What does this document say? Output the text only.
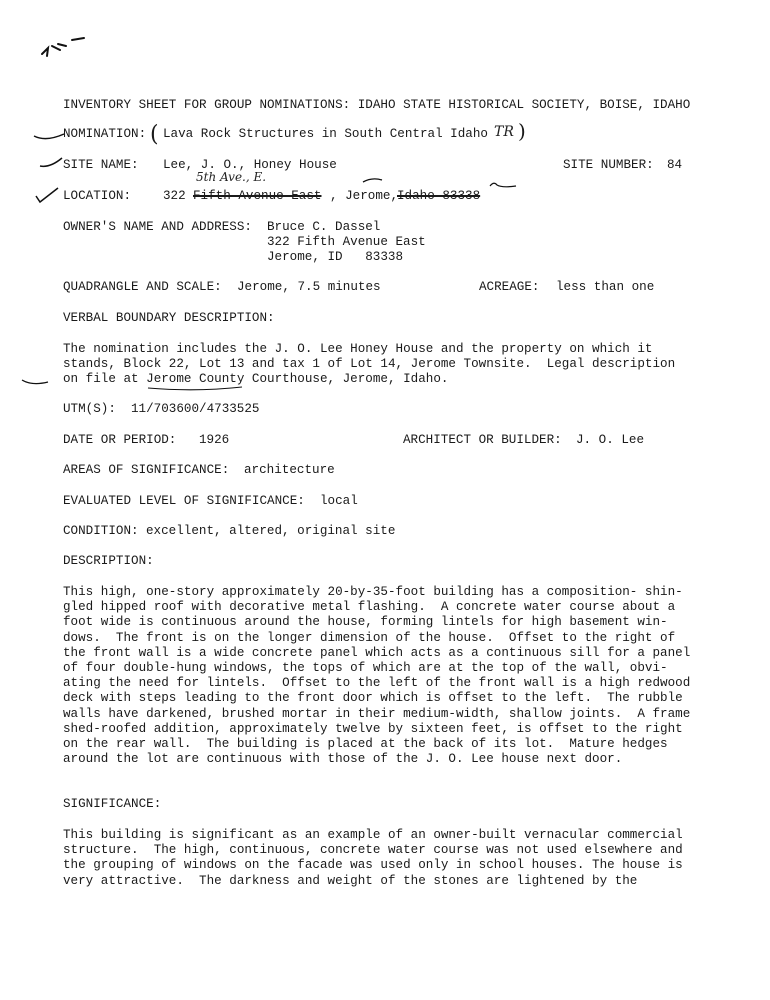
INVENTORY SHEET FOR GROUP NOMINATIONS: IDAHO STATE HISTORICAL SOCIETY, BOISE, IDAHO
NOMINATION: ( Lava Rock Structures in South Central Idaho TR )
SITE NAME: Lee, J. O., Honey House	SITE NUMBER: 84
5th Ave., E.
LOCATION:	322 Fifth Avenue East , Jerome,
Idaho 83338
OWNER'S NAME AND ADDRESS: Bruce C. Dassel
322 Fifth Avenue East
Jerome, ID   83338
QUADRANGLE AND SCALE: Jerome, 7.5 minutes	ACREAGE: less than one
VERBAL BOUNDARY DESCRIPTION:
The nomination includes the J. O. Lee Honey House and the property on which it
stands, Block 22, Lot 13 and tax 1 of Lot 14, Jerome Townsite.  Legal description
on file at Jerome County Courthouse, Jerome, Idaho.
UTM(S): 11/703600/4733525
DATE OR PERIOD: 1926	ARCHITECT OR BUILDER: J. O. Lee
AREAS OF SIGNIFICANCE: architecture
EVALUATED LEVEL OF SIGNIFICANCE: local
CONDITION: excellent, altered, original site
DESCRIPTION:
This high, one-story approximately 20-by-35-foot building has a composition- shin-
gled hipped roof with decorative metal flashing.  A concrete water course about a
foot wide is continuous around the house, forming lintels for high basement win-
dows.  The front is on the longer dimension of the house.  Offset to the right of
the front wall is a wide concrete panel which acts as a continuous sill for a panel
of four double-hung windows, the tops of which are at the top of the wall, obvi-
ating the need for lintels.  Offset to the left of the front wall is a high redwood
deck with steps leading to the front door which is offset to the left.  The rubble
walls have darkened, brushed mortar in their medium-width, shallow joints.  A frame
shed-roofed addition, approximately twelve by sixteen feet, is offset to the right
on the rear wall.  The building is placed at the back of its lot.  Mature hedges
around the lot are continuous with those of the J. O. Lee house next door.
SIGNIFICANCE:
This building is significant as an example of an owner-built vernacular commercial
structure.  The high, continuous, concrete water course was not used elsewhere and
the grouping of windows on the facade was used only in school houses. The house is
very attractive.  The darkness and weight of the stones are lightened by the
